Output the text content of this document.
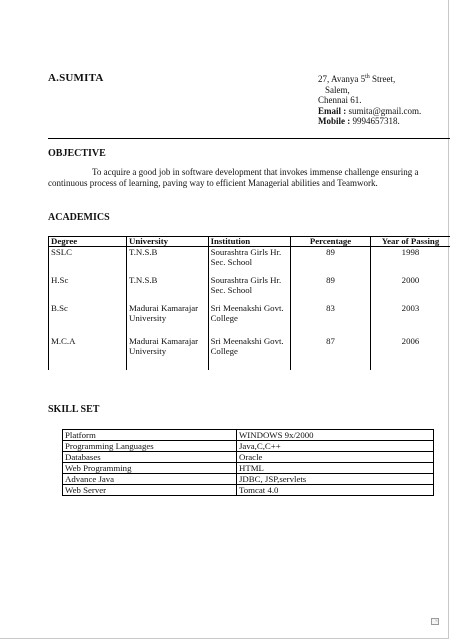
A.SUMITA	27, Avanya 5th Street,
Salem,
Chennai 61.
Email : sumita@gmail.com.
Mobile : 9994657318.
OBJECTIVE
To acquire a good job in software development that invokes immense challenge ensuring a continuous process of learning, paving way to efficient Managerial abilities and Teamwork.
ACADEMICS
Degree	University	Institution	Percentage	Year of Passing
SSLC	T.N.S.B	Sourashtra Girls Hr. Sec. School	89	1998
H.Sc	T.N.S.B	Sourashtra Girls Hr. Sec. School	89	2000
B.Sc	Madurai Kamarajar University	Sri Meenakshi Govt. College	83	2003
M.C.A	Madurai Kamarajar University	Sri Meenakshi Govt. College	87	2006
SKILL SET
Platform	WINDOWS 9x/2000
Programming Languages	Java,C,C++
Databases	Oracle
Web Programming	HTML
Advance Java	JDBC, JSP,servlets
Web Server	Tomcat 4.0
